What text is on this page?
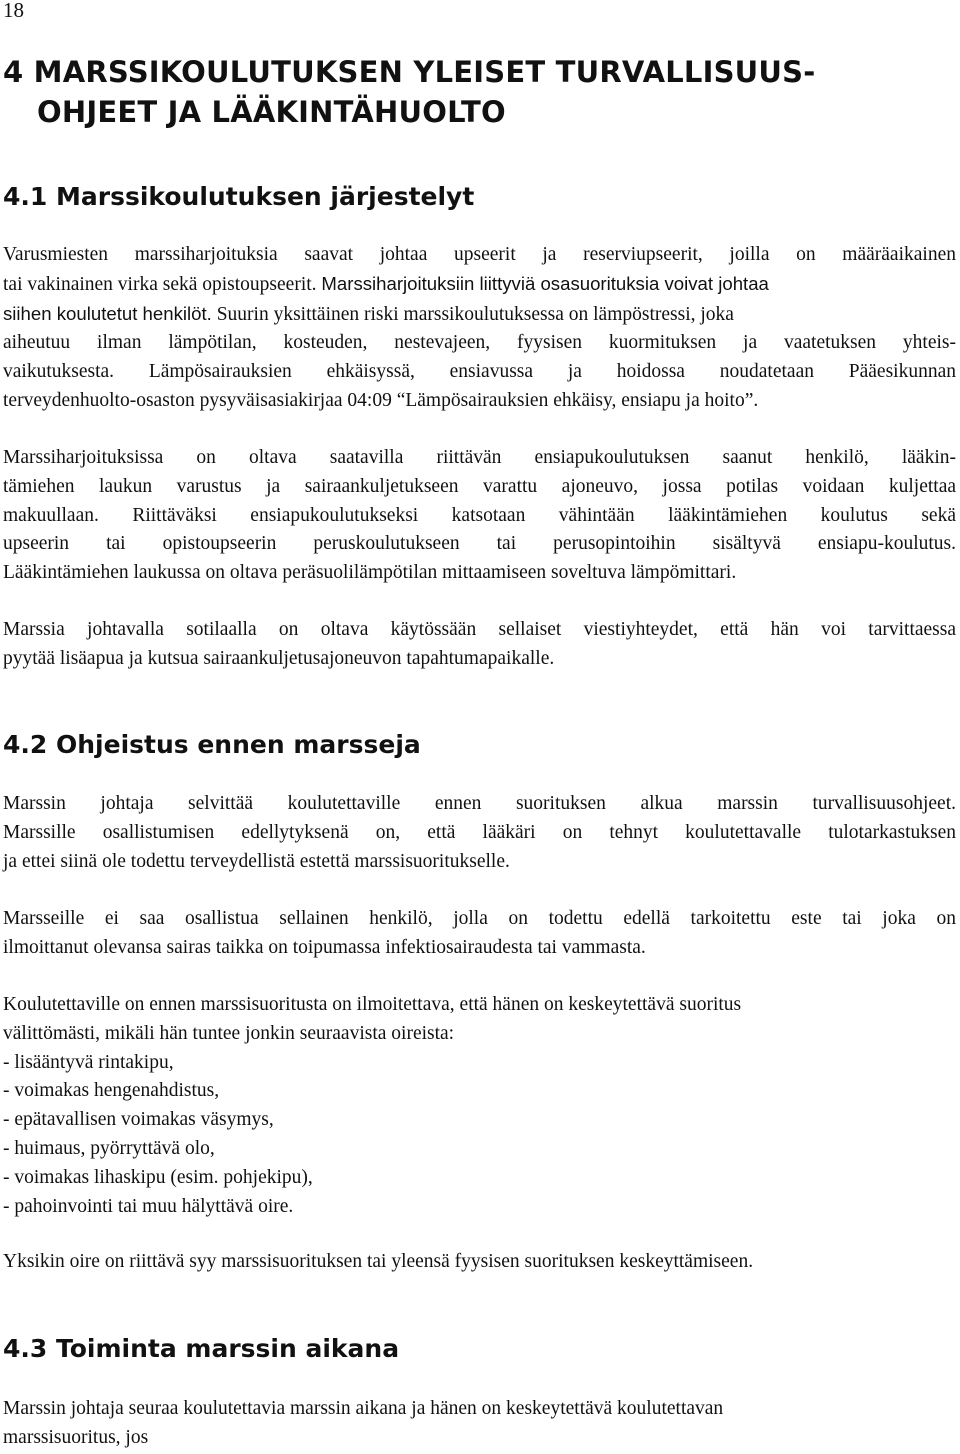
18
4 MARSSIKOULUTUKSEN YLEISET TURVALLISUUS-
OHJEET JA LÄÄKINTÄHUOLTO
4.1 Marssikoulutuksen järjestelyt

Varusmiesten marssiharjoituksia saavat johtaa upseerit ja reserviupseerit, joilla on määräaikainen
tai vakinainen virka sekä opistoupseerit. Marssiharjoituksiin liittyviä osasuorituksia voivat johtaa
siihen koulutetut henkilöt. Suurin yksittäinen riski marssikoulutuksessa on lämpöstressi, joka
aiheutuu ilman lämpötilan, kosteuden, nestevajeen, fyysisen kuormituksen ja vaatetuksen yhteis-
vaikutuksesta. Lämpösairauksien ehkäisyssä, ensiavussa ja hoidossa noudatetaan Pääesikunnan
terveydenhuolto-osaston pysyväisasiakirjaa 04:09 “Lämpösairauksien ehkäisy, ensiapu ja hoito”.

Marssiharjoituksissa on oltava saatavilla riittävän ensiapukoulutuksen saanut henkilö, lääkin-
tämiehen laukun varustus ja sairaankuljetukseen varattu ajoneuvo, jossa potilas voidaan kuljettaa
makuullaan. Riittäväksi ensiapukoulutukseksi katsotaan vähintään lääkintämiehen koulutus sekä
upseerin tai opistoupseerin peruskoulutukseen tai perusopintoihin sisältyvä ensiapu-koulutus.
Lääkintämiehen laukussa on oltava peräsuolilämpötilan mittaamiseen soveltuva lämpömittari.

Marssia johtavalla sotilaalla on oltava käytössään sellaiset viestiyhteydet, että hän voi tarvittaessa
pyytää lisäapua ja kutsua sairaankuljetusajoneuvon tapahtumapaikalle.

4.2 Ohjeistus ennen marsseja

Marssin johtaja selvittää koulutettaville ennen suorituksen alkua marssin turvallisuusohjeet.
Marssille osallistumisen edellytyksenä on, että lääkäri on tehnyt koulutettavalle tulotarkastuksen
ja ettei siinä ole todettu terveydellistä estettä marssisuoritukselle.

Marsseille ei saa osallistua sellainen henkilö, jolla on todettu edellä tarkoitettu este tai joka on
ilmoittanut olevansa sairas taikka on toipumassa infektiosairaudesta tai vammasta.

Koulutettaville on ennen marssisuoritusta on ilmoitettava, että hänen on keskeytettävä suoritus
välittömästi, mikäli hän tuntee jonkin seuraavista oireista:
- lisääntyvä rintakipu,
- voimakas hengenahdistus,
- epätavallisen voimakas väsymys,
- huimaus, pyörryttävä olo,
- voimakas lihaskipu (esim. pohjekipu),
- pahoinvointi tai muu hälyttävä oire.

Yksikin oire on riittävä syy marssisuorituksen tai yleensä fyysisen suorituksen keskeyttämiseen.

4.3 Toiminta marssin aikana

Marssin johtaja seuraa koulutettavia marssin aikana ja hänen on keskeytettävä koulutettavan
marssisuoritus, jos
